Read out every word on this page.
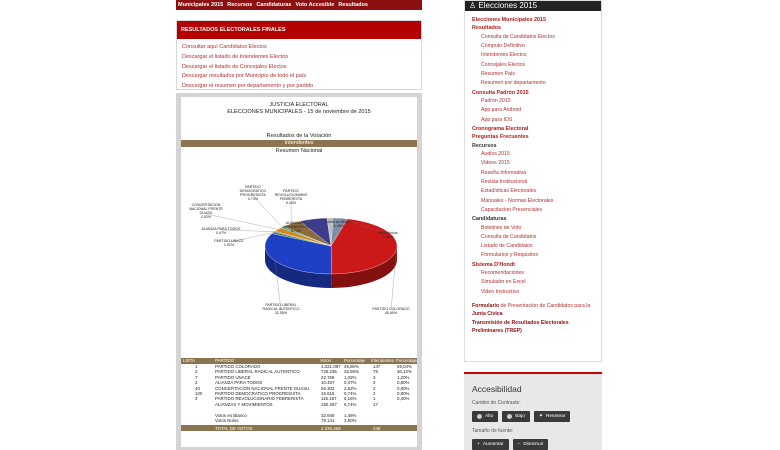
Municipales 2015 Recursos Candidaturas Voto Accesible Resultados
RESULTADOS ELECTORALES FINALES
Consultar aquí Candidatos Electos
Descargar el listado de Intendentes Electos
Descargar el listado de Concejales Electos
Descargar resultados por Municipio de todo el país
Descargar el resumen por departamento y por partido
JUSTICIA ELECTORAL
ELECCIONES MUNICIPALES - 15 de noviembre de 2015
Resultados de la Votación
Intendentes
Resumen Nacional
PARTIDO COLORADO 45.80%
PARTIDO LIBERAL RADICAL AUTENTICO 32.55%
PARTIDO UNACE 1.02%
ALIANZA PARA TODOS 0.47%
CONCERTACION NACIONAL FRENTE GUASU 2.52%
PARTIDO DEMOCRATICO PROGRESISTA 0.74%
PARTIDO REVOLUCIONARIO FEBRERISTA 5.16%
ALIANZAS Y MOVIMIENTOS 6.74%
Votos en Blanco 1.48%
Votos Nulos 3.50%
LISTA	PARTIDO	Votos	Porcentaje Intendentes Porcentaje
1	PARTIDO COLORADO	1.021.087 45,80%	147	59,04%
2	PARTIDO LIBERAL RADICAL AUTENTICO	726.236 32,55%	75	30,12%
7	PARTIDO UNACE	22.769 1,02%	3	1,20%
2	ALIANZA PARA TODOS	10.457 0,47%	2	0,80%
40	CONCERTACION NACIONAL FRENTE GUASU	56.302 2,52%	2	0,80%
100	PARTIDO DEMOCRATICO PROGRESISTA	16.615 0,74%	2	0,80%
3	PARTIDO REVOLUCIONARIO FEBRERISTA	115.187 5,16%	1	0,40%
ALIANZAS Y MOVIMIENTOS	150.287 6,74%	17
Votos en Blanco	32.948 1,48%
Votos Nulos	78.141 3,50%
TOTAL DE VOTOS	2.230.469	249
♙ Elecciones 2015
Elecciones Municipales 2015
Resultados
Consulta de Candidatos Electos
Cómputo Definitivo
Intendentes Electos
Concejales Electos
Resumen País
Resumen por departamento
Consulta Padrón 2015
Padrón 2015
App para Android
App para IOS
Cronograma Electoral
Preguntas Frecuentes
Recursos
Audios 2015
Videos 2015
Reseña Informativa
Revista Institucional
Estadísticas Electorales
Manuales - Normas Electorales
Capacitacion Presenciales
Candidaturas
Boletines de Voto
Consulta de Candidatos
Listado de Candidatos
Formularios y Requisitos
Sistema D'Hondt
Recomendaciones
Simulador en Excel
Video Instructivo
Formulario de Presentación de Candidatos para la Junta Cívica
Transmisión de Resultados Electorales Preliminares (TREP)
Accesibilidad
Cambio de Contraste:
Alto	Bajo	✦ Resetear
Tamaño de fuente:
+ Aumentar	− Disminuir
